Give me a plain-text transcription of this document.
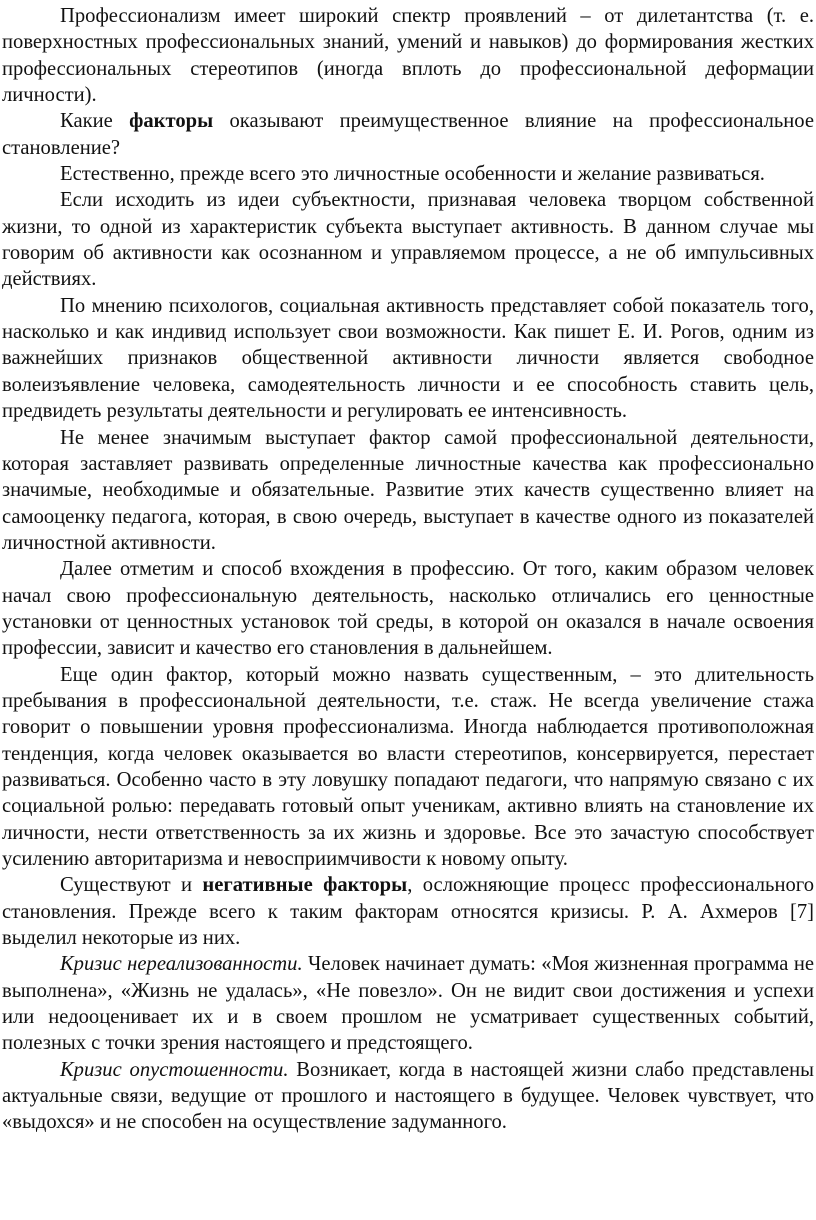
Профессионализм имеет широкий спектр проявлений – от дилетантства (т. е. поверхностных профессиональных знаний, умений и навыков) до формирования жестких профессиональных стереотипов (иногда вплоть до профессиональной деформации личности).

Какие факторы оказывают преимущественное влияние на профессиональное становление?

Естественно, прежде всего это личностные особенности и желание развиваться.

Если исходить из идеи субъектности, признавая человека творцом собственной жизни, то одной из характеристик субъекта выступает активность. В данном случае мы говорим об активности как осознанном и управляемом процессе, а не об импульсивных действиях.

По мнению психологов, социальная активность представляет собой показатель того, насколько и как индивид использует свои возможности. Как пишет Е. И. Рогов, одним из важнейших признаков общественной активности личности является свободное волеизъявление человека, самодеятельность личности и ее способность ставить цель, предвидеть результаты деятельности и регулировать ее интенсивность.

Не менее значимым выступает фактор самой профессиональной деятельности, которая заставляет развивать определенные личностные качества как профессионально значимые, необходимые и обязательные. Развитие этих качеств существенно влияет на самооценку педагога, которая, в свою очередь, выступает в качестве одного из показателей личностной активности.

Далее отметим и способ вхождения в профессию. От того, каким образом человек начал свою профессиональную деятельность, насколько отличались его ценностные установки от ценностных установок той среды, в которой он оказался в начале освоения профессии, зависит и качество его становления в дальнейшем.

Еще один фактор, который можно назвать существенным, – это длительность пребывания в профессиональной деятельности, т.е. стаж. Не всегда увеличение стажа говорит о повышении уровня профессионализма. Иногда наблюдается противоположная тенденция, когда человек оказывается во власти стереотипов, консервируется, перестает развиваться. Особенно часто в эту ловушку попадают педагоги, что напрямую связано с их социальной ролью: передавать готовый опыт ученикам, активно влиять на становление их личности, нести ответственность за их жизнь и здоровье. Все это зачастую способствует усилению авторитаризма и невосприимчивости к новому опыту.

Существуют и негативные факторы, осложняющие процесс профессионального становления. Прежде всего к таким факторам относятся кризисы. Р. А. Ахмеров [7] выделил некоторые из них.

Кризис нереализованности. Человек начинает думать: «Моя жизненная программа не выполнена», «Жизнь не удалась», «Не повезло». Он не видит свои достижения и успехи или недооценивает их и в своем прошлом не усматривает существенных событий, полезных с точки зрения настоящего и предстоящего.

Кризис опустошенности. Возникает, когда в настоящей жизни слабо представлены актуальные связи, ведущие от прошлого и настоящего в будущее. Человек чувствует, что «выдохся» и не способен на осуществление задуманного.
